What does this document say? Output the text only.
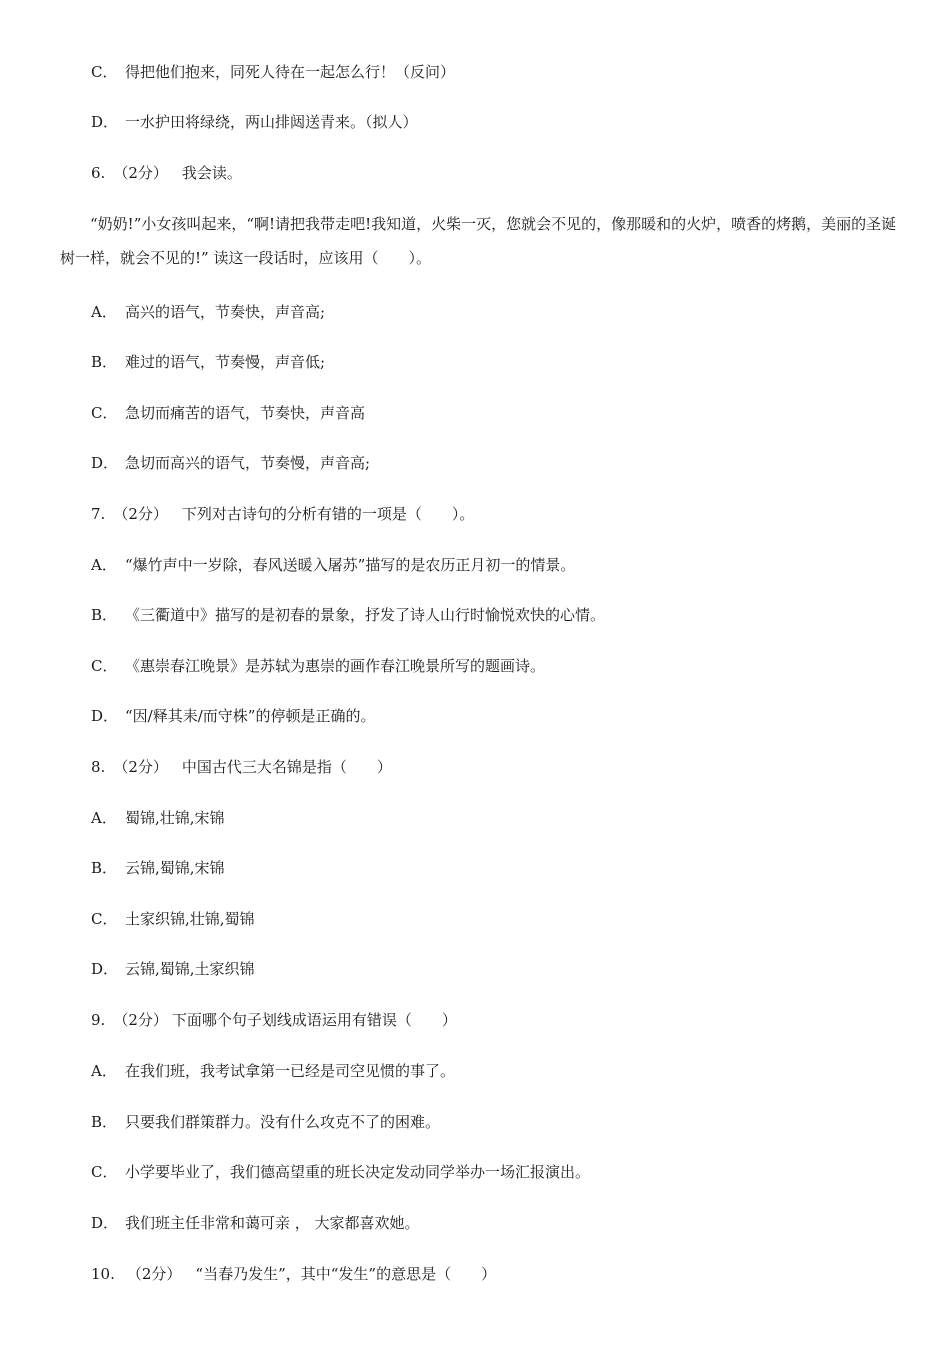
C． 得把他们抱来，同死人待在一起怎么行！（反问）
D． 一水护田将绿绕，两山排闼送青来。（拟人）
6. （2分） 我会读。
“奶奶!”小女孩叫起来，“啊!请把我带走吧!我知道，火柴一灭，您就会不见的，像那暖和的火炉，喷香的烤鹅，美丽的圣诞树一样，就会不见的!” 读这一段话时，应该用（　　）。
A． 高兴的语气，节奏快，声音高;
B． 难过的语气，节奏慢，声音低;
C． 急切而痛苦的语气，节奏快，声音高
D． 急切而高兴的语气，节奏慢，声音高;
7. （2分） 下列对古诗句的分析有错的一项是（　　）。
A． “爆竹声中一岁除，春风送暖入屠苏”描写的是农历正月初一的情景。
B． 《三衢道中》描写的是初春的景象，抒发了诗人山行时愉悦欢快的心情。
C． 《惠崇春江晚景》是苏轼为惠崇的画作春江晚景所写的题画诗。
D． “因/释其耒/而守株”的停顿是正确的。
8. （2分） 中国古代三大名锦是指（　　）
A． 蜀锦,壮锦,宋锦
B． 云锦,蜀锦,宋锦
C． 土家织锦,壮锦,蜀锦
D． 云锦,蜀锦,土家织锦
9. （2分） 下面哪个句子划线成语运用有错误（　　）
A． 在我们班，我考试拿第一已经是司空见惯的事了。
B． 只要我们群策群力。没有什么攻克不了的困难。
C． 小学要毕业了，我们德高望重的班长决定发动同学举办一场汇报演出。
D． 我们班主任非常和蔼可亲 ， 大家都喜欢她。
10. （2分） “当春乃发生”，其中“发生”的意思是（　　）
